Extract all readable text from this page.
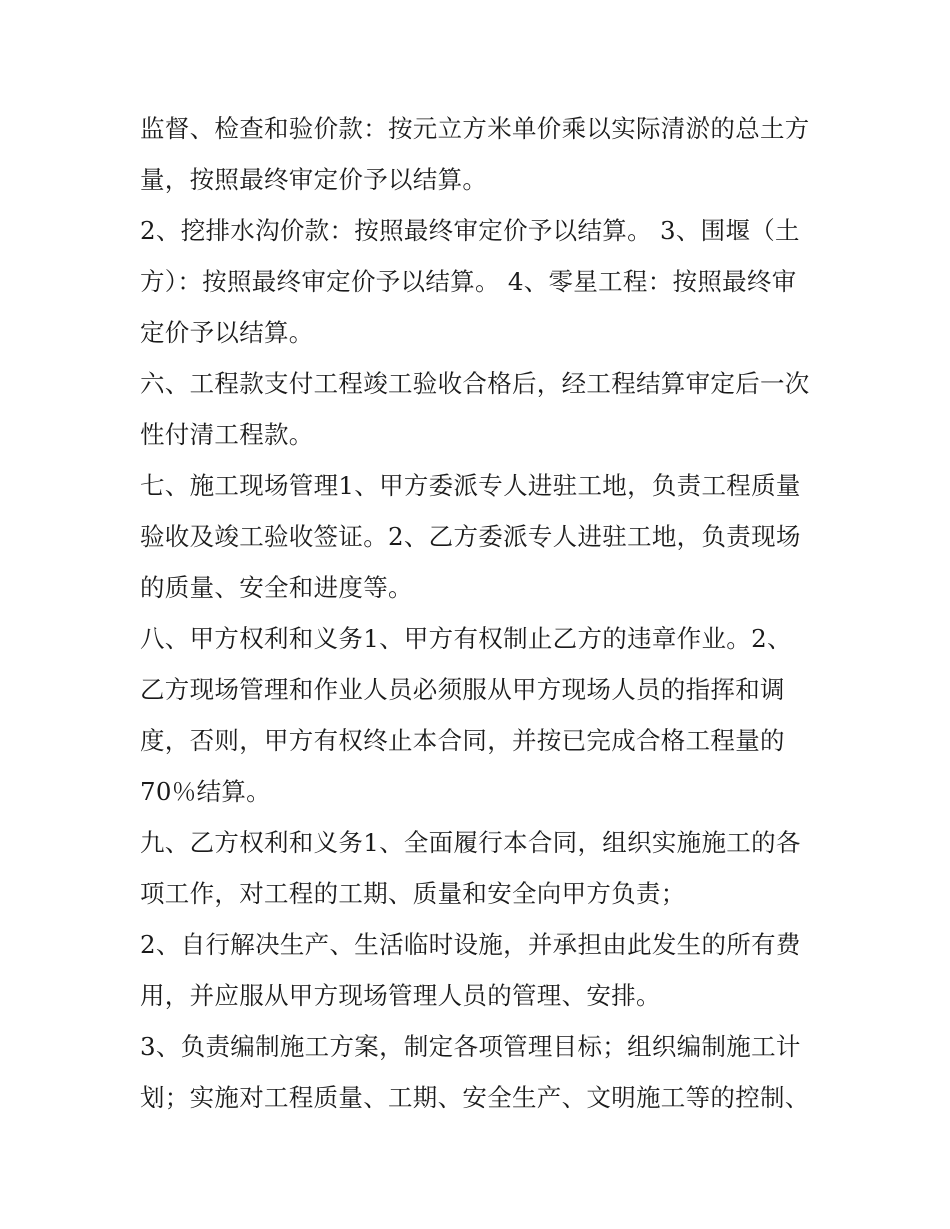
监督、检查和验价款：按元立方米单价乘以实际清淤的总土方
量，按照最终审定价予以结算。
2、挖排水沟价款：按照最终审定价予以结算。 3、围堰（土
方）：按照最终审定价予以结算。 4、零星工程：按照最终审
定价予以结算。
六、工程款支付工程竣工验收合格后，经工程结算审定后一次
性付清工程款。
七、施工现场管理1、甲方委派专人进驻工地，负责工程质量
验收及竣工验收签证。2、乙方委派专人进驻工地，负责现场
的质量、安全和进度等。
八、甲方权利和义务1、甲方有权制止乙方的违章作业。2、
乙方现场管理和作业人员必须服从甲方现场人员的指挥和调
度，否则，甲方有权终止本合同，并按已完成合格工程量的
70％结算。
九、乙方权利和义务1、全面履行本合同，组织实施施工的各
项工作，对工程的工期、质量和安全向甲方负责；
2、自行解决生产、生活临时设施，并承担由此发生的所有费
用，并应服从甲方现场管理人员的管理、安排。
3、负责编制施工方案，制定各项管理目标；组织编制施工计
划；实施对工程质量、工期、安全生产、文明施工等的控制、
